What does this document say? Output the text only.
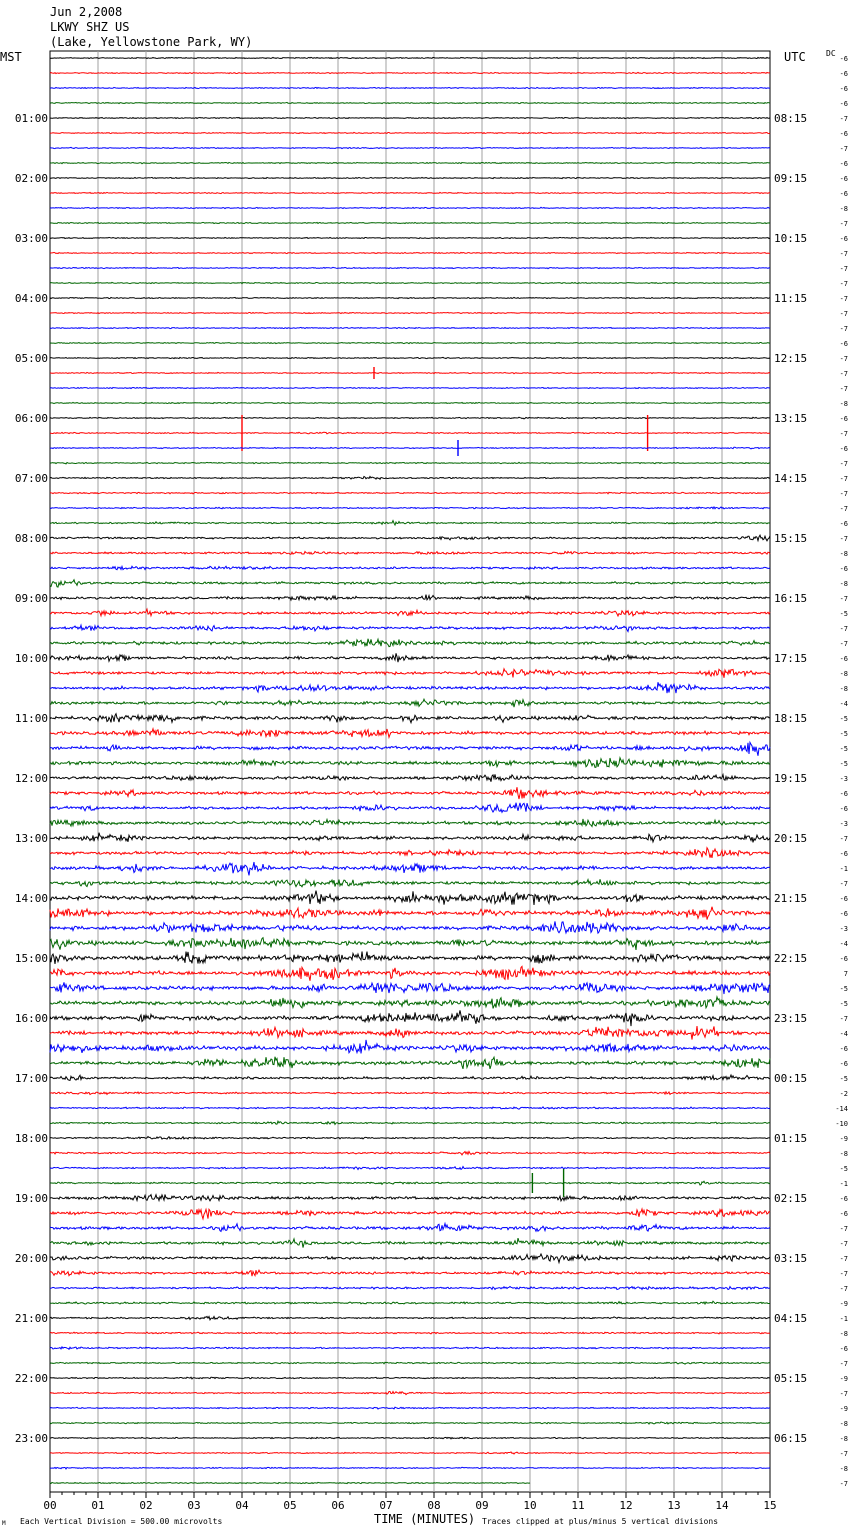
Jun 2,2008
LKWY SHZ US
(Lake, Yellowstone Park, WY)
MST	UTC	DC
TIME (MINUTES)
Each Vertical Division = 500.00 microvolts	Traces clipped at plus/minus 5 vertical divisions
M
-6
-6
-6
-6
-7
-6
-7
-6
-6
-6
-8
-7
-6
-7
-7
-7
-7
-7
-7
-6
-7
-7
-7
-8
-6
-7
-6
-7
-7
-7
-7
-6
-7
-8
-6
-8
-7
-5
-7
-7
-6
-8
-8
-4
-5
-5
-5
-5
-3
-6
-6
-3
-7
-6
-1
-7
-6
-6
-3
-4
-6
7
-5
-5
-7
-4
-6
-6
-5
-2
-14
-10
-9
-8
-5
-1
-6
-6
-7
-7
-7
-7
-7
-9
-1
-8
-6
-7
-9
-7
-9
-8
-8
-7
-8
-7
01:00
02:00
03:00
04:00
05:00
06:00
07:00
08:00
09:00
10:00
11:00
12:00
13:00
14:00
15:00
16:00
17:00
18:00
19:00
20:00
21:00
22:00
23:00
08:15
09:15
10:15
11:15
12:15
13:15
14:15
15:15
16:15
17:15
18:15
19:15
20:15
21:15
22:15
23:15
00:15
01:15
02:15
03:15
04:15
05:15
06:15
00	01	02	03	04	05	06	07	08	09	10	11	12	13	14	15
